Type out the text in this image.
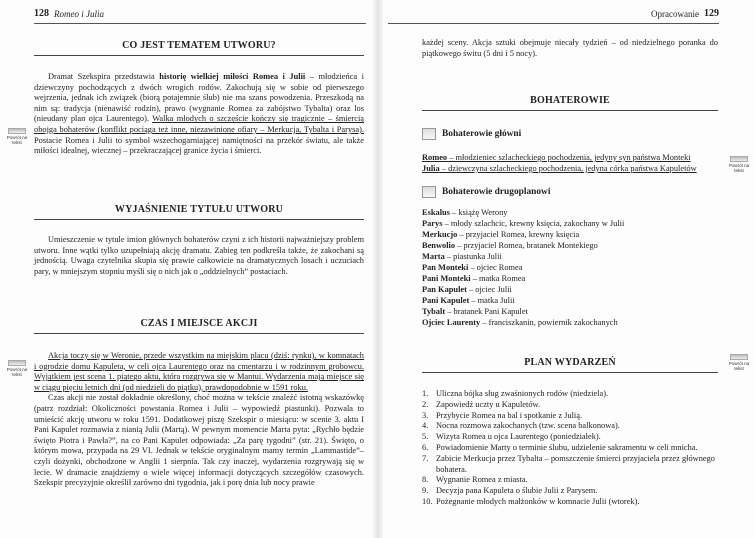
128 Romeo i Julia
CO JEST TEMATEM UTWORU?

Dramat Szekspira przedstawia historię wielkiej miłości Romea i Julii – młodzieńca i dziewczyny pochodzących z dwóch wrogich rodów. Zakochują się w sobie od pierwszego wejrzenia, jednak ich związek (biorą potajemnie ślub) nie ma szans powodzenia. Przeszkodą na nim są: tradycja (nienawiść rodzin), prawo (wygnanie Romea za zabójstwo Tybalta) oraz los (nieudany plan ojca Laurentego). Walka młodych o szczęście kończy się tragicznie – śmiercią obojga bohaterów (konflikt pociąga też inne, niezawinione ofiary – Merkucja, Tybalta i Parysa). Postacie Romea i Julii to symbol wszechogarniającej namiętności na przekór światu, ale także miłości idealnej, wiecznej – przekraczającej granice życia i śmierci.

Powrót na tekst
WYJAŚNIENIE TYTUŁU UTWORU

Umieszczenie w tytule imion głównych bohaterów czyni z ich historii najważniejszy problem utworu. Inne wątki tylko uzupełniają akcję dramatu. Zabieg ten podkreśla także, że zakochani są jednością. Uwaga czytelnika skupia się prawie całkowicie na dramatycznych losach i uczuciach pary, w mniejszym stopniu myśli się o nich jak o „oddzielnych” postaciach.

CZAS I MIEJSCE AKCJI
Powrót na tekst

Akcja toczy się w Weronie, przede wszystkim na miejskim placu (dziś: rynku), w komnatach i ogrodzie domu Kapuleta, w celi ojca Laurentego oraz na cmentarzu i w rodzinnym grobowcu. Wyjątkiem jest scena 1. piątego aktu, która rozgrywa się w Mantui. Wydarzenia mają miejsce się w ciągu pięciu letnich dni (od niedzieli do piątku), prawdopodobnie w 1591 roku.

Czas akcji nie został dokładnie określony, choć można w tekście znaleźć istotną wskazówkę (patrz rozdział: Okoliczności powstania Romea i Julii – wypowiedź piastunki). Pozwala to umieścić akcję utworu w roku 1591. Dodatkowej piszę Szekspir o miesiącu: w scenie 3. aktu I Pani Kapulet rozmawia z nianią Julii (Martą). W pewnym momencie Marta pyta: „Rychło będzie święto Piotra i Pawła?”, na co Pani Kapulet odpowiada: „Za parę tygodni” (str. 21). Święto, o którym mowa, przypada na 29 VI. Jednak w tekście oryginalnym mamy termin „Lammastide”– czyli dożynki, obchodzone w Anglii 1 sierpnia. Tak czy inaczej, wydarzenia rozgrywają się w lecie. W dramacie znajdziemy o wiele więcej informacji dotyczących szczegółów czasowych. Szekspir precyzyjnie określił zarówno dni tygodnia, jak i porę dnia lub nocy prawie

Opracowanie 129

każdej sceny. Akcja sztuki obejmuje niecały tydzień – od niedzielnego poranka do piątkowego świtu (5 dni i 5 nocy).

BOHATEROWIE
Bohaterowie główni
Romeo – młodzieniec szlacheckiego pochodzenia, jedyny syn państwa Monteki
Julia – dziewczyna szlacheckiego pochodzenia, jedyna córka państwa Kapuletów	Powrót na tekst
Bohaterowie drugoplanowi
Eskalus – książę Werony
Parys – młody szlachcic, krewny księcia, zakochany w Julii
Merkucjo – przyjaciel Romea, krewny księcia
Benwolio – przyjaciel Romea, bratanek Montekiego
Marta – piastunka Julii
Pan Monteki – ojciec Romea
Pani Monteki – matka Romea
Pan Kapulet – ojciec Julii
Pani Kapulet – matka Julii
Tybalt – bratanek Pani Kapulet
Ojciec Laurenty – franciszkanin, powiernik zakochanych
PLAN WYDARZEŃ	Powrót na tekst
1. Uliczna bójka sług zwaśnionych rodów (niedziela).
2. Zapowiedź uczty u Kapuletów.
3. Przybycie Romea na bal i spotkanie z Julią.
4. Nocna rozmowa zakochanych (tzw. scena balkonowa).
5. Wizyta Romea u ojca Laurentego (poniedziałek).
6. Powiadomienie Marty o terminie ślubu, udzielenie sakramentu w celi mnicha.
7. Zabicie Merkucja przez Tybalta – pomszczenie śmierci przyjaciela przez głównego bohatera.
8. Wygnanie Romea z miasta.
9. Decyzja pana Kapuleta o ślubie Julii z Parysem.
10. Pożegnanie młodych małżonków w komnacie Julii (wtorek).
